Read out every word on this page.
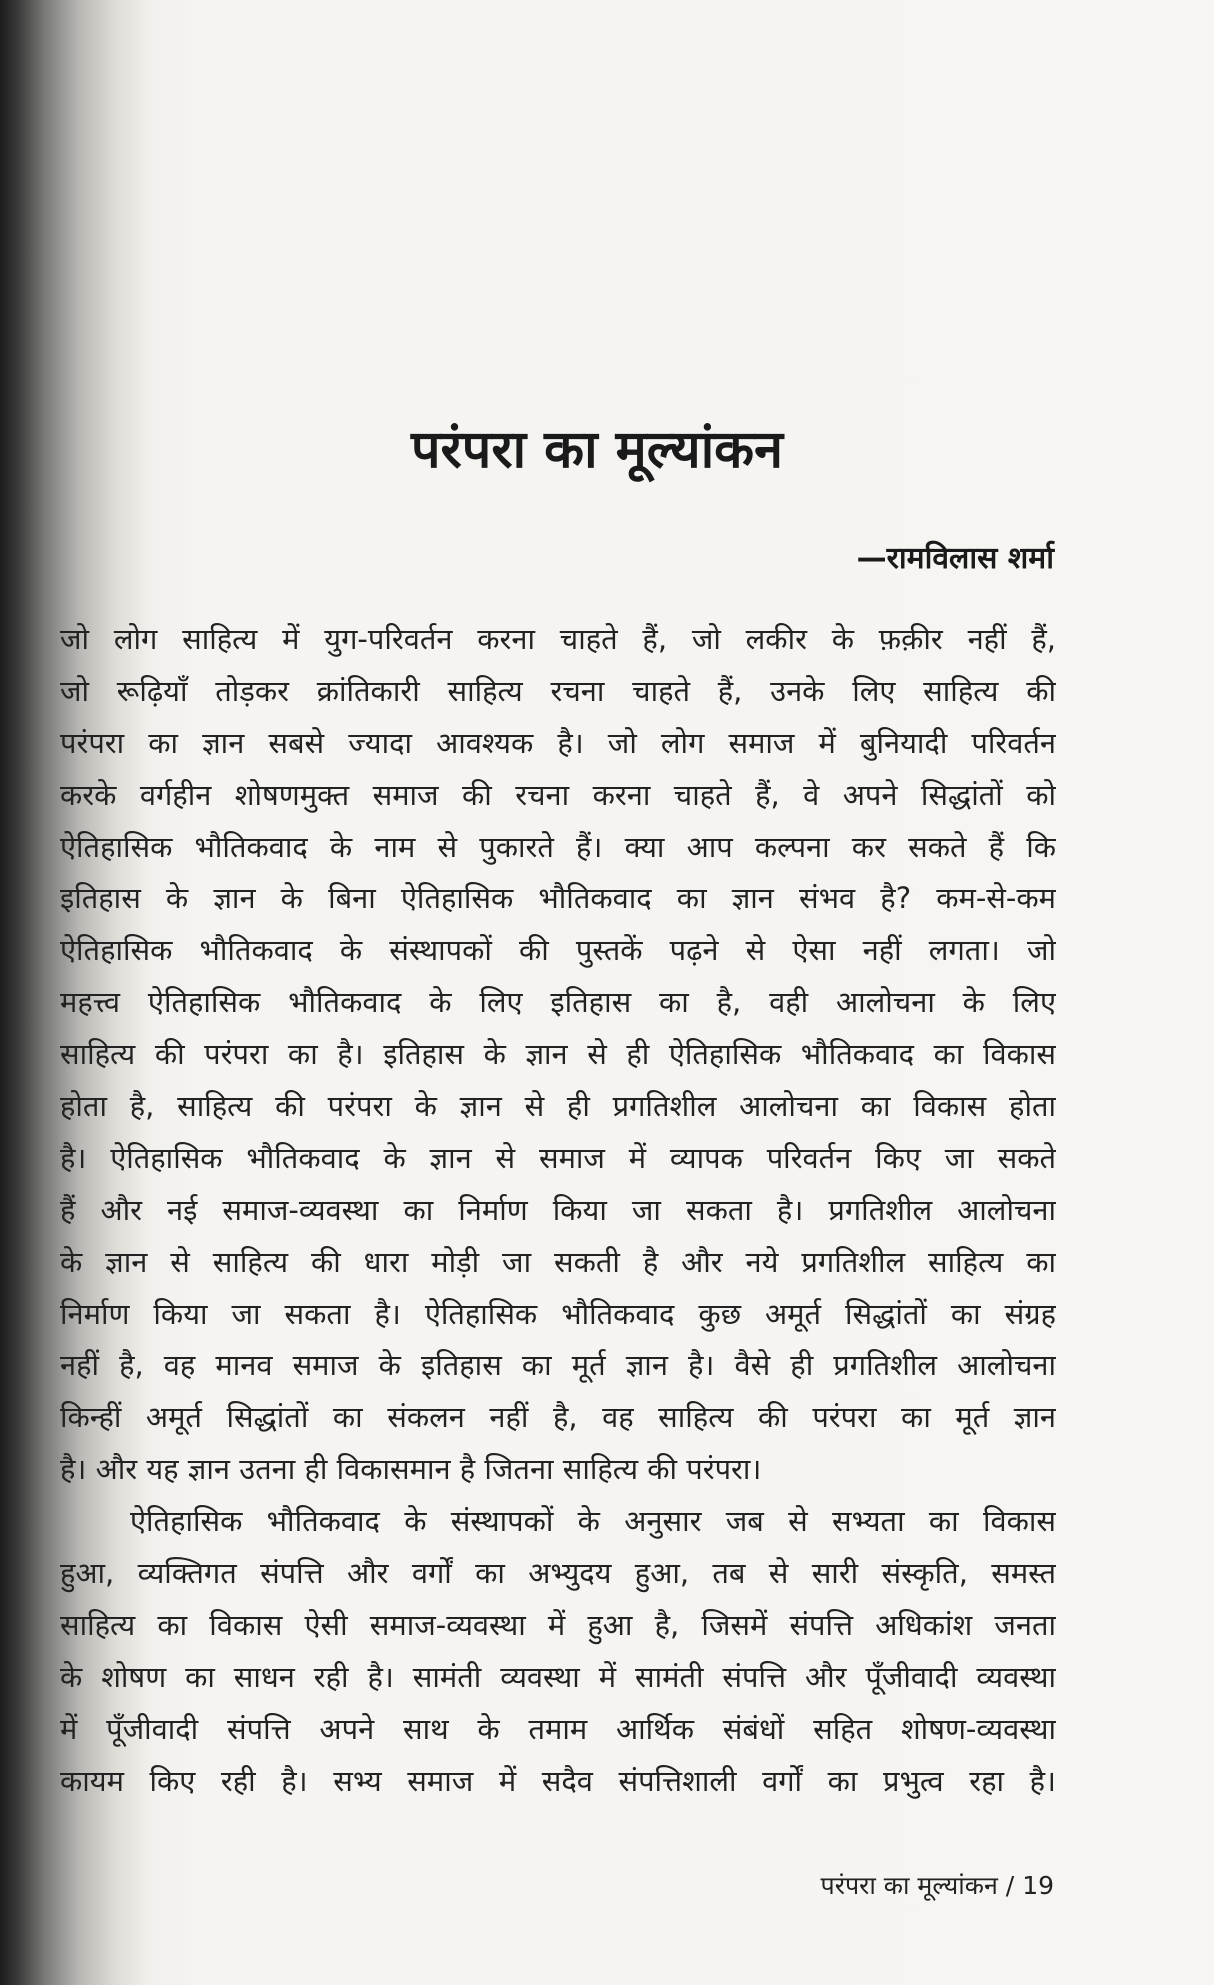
परंपरा का मूल्यांकन
—रामविलास शर्मा
जो लोग साहित्य में युग-परिवर्तन करना चाहते हैं, जो लकीर के फ़क़ीर नहीं हैं,
जो रूढ़ियाँ तोड़कर क्रांतिकारी साहित्य रचना चाहते हैं, उनके लिए साहित्य की
परंपरा का ज्ञान सबसे ज्यादा आवश्यक है। जो लोग समाज में बुनियादी परिवर्तन
करके वर्गहीन शोषणमुक्त समाज की रचना करना चाहते हैं, वे अपने सिद्धांतों को
ऐतिहासिक भौतिकवाद के नाम से पुकारते हैं। क्या आप कल्पना कर सकते हैं कि
इतिहास के ज्ञान के बिना ऐतिहासिक भौतिकवाद का ज्ञान संभव है? कम-से-कम
ऐतिहासिक भौतिकवाद के संस्थापकों की पुस्तकें पढ़ने से ऐसा नहीं लगता। जो
महत्त्व ऐतिहासिक भौतिकवाद के लिए इतिहास का है, वही आलोचना के लिए
साहित्य की परंपरा का है। इतिहास के ज्ञान से ही ऐतिहासिक भौतिकवाद का विकास
होता है, साहित्य की परंपरा के ज्ञान से ही प्रगतिशील आलोचना का विकास होता
है। ऐतिहासिक भौतिकवाद के ज्ञान से समाज में व्यापक परिवर्तन किए जा सकते
हैं और नई समाज-व्यवस्था का निर्माण किया जा सकता है। प्रगतिशील आलोचना
के ज्ञान से साहित्य की धारा मोड़ी जा सकती है और नये प्रगतिशील साहित्य का
निर्माण किया जा सकता है। ऐतिहासिक भौतिकवाद कुछ अमूर्त सिद्धांतों का संग्रह
नहीं है, वह मानव समाज के इतिहास का मूर्त ज्ञान है। वैसे ही प्रगतिशील आलोचना
किन्हीं अमूर्त सिद्धांतों का संकलन नहीं है, वह साहित्य की परंपरा का मूर्त ज्ञान
है। और यह ज्ञान उतना ही विकासमान है जितना साहित्य की परंपरा।
ऐतिहासिक भौतिकवाद के संस्थापकों के अनुसार जब से सभ्यता का विकास
हुआ, व्यक्तिगत संपत्ति और वर्गों का अभ्युदय हुआ, तब से सारी संस्कृति, समस्त
साहित्य का विकास ऐसी समाज-व्यवस्था में हुआ है, जिसमें संपत्ति अधिकांश जनता
के शोषण का साधन रही है। सामंती व्यवस्था में सामंती संपत्ति और पूँजीवादी व्यवस्था
में पूँजीवादी संपत्ति अपने साथ के तमाम आर्थिक संबंधों सहित शोषण-व्यवस्था
कायम किए रही है। सभ्य समाज में सदैव संपत्तिशाली वर्गों का प्रभुत्व रहा है।
परंपरा का मूल्यांकन / 19
